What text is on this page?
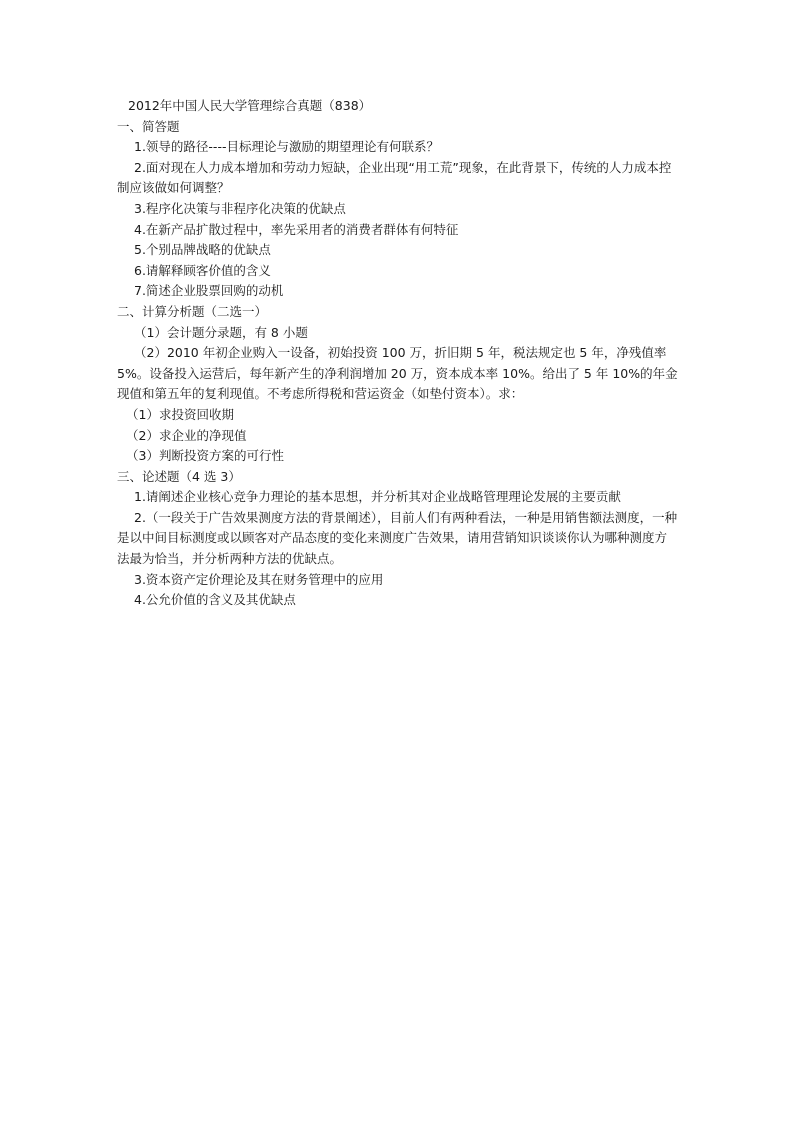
2012年中国人民大学管理综合真题（838）

一、简答题

1.领导的路径----目标理论与激励的期望理论有何联系？

2.面对现在人力成本增加和劳动力短缺，企业出现“用工荒”现象，在此背景下，传统的人力成本控制应该做如何调整？

3.程序化决策与非程序化决策的优缺点

4.在新产品扩散过程中，率先采用者的消费者群体有何特征

5.个别品牌战略的优缺点

6.请解释顾客价值的含义

7.简述企业股票回购的动机

二、计算分析题（二选一）

（1）会计题分录题，有 8 小题

（2）2010 年初企业购入一设备，初始投资 100 万，折旧期 5 年，税法规定也 5 年，净残值率 5%。设备投入运营后，每年新产生的净利润增加 20 万，资本成本率 10%。给出了 5 年 10%的年金现值和第五年的复利现值。不考虑所得税和营运资金（如垫付资本）。求：

（1）求投资回收期

（2）求企业的净现值

（3）判断投资方案的可行性

三、论述题（4 选 3）

1.请阐述企业核心竞争力理论的基本思想，并分析其对企业战略管理理论发展的主要贡献

2.（一段关于广告效果测度方法的背景阐述），目前人们有两种看法，一种是用销售额法测度，一种是以中间目标测度或以顾客对产品态度的变化来测度广告效果，请用营销知识谈谈你认为哪种测度方法最为恰当，并分析两种方法的优缺点。

3.资本资产定价理论及其在财务管理中的应用

4.公允价值的含义及其优缺点
